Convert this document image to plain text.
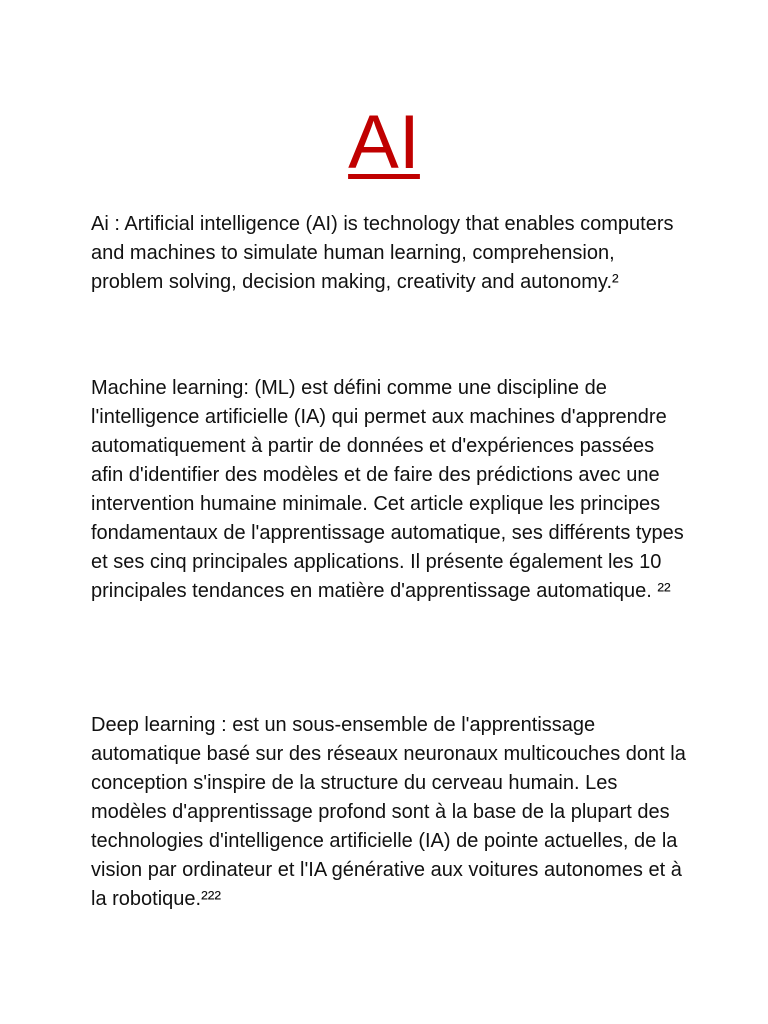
AI

Ai : Artificial intelligence (AI) is technology that enables computers and machines to simulate human learning, comprehension, problem solving, decision making, creativity and autonomy.²

Machine learning: (ML) est défini comme une discipline de l'intelligence artificielle (IA) qui permet aux machines d'apprendre automatiquement à partir de données et d'expériences passées afin d'identifier des modèles et de faire des prédictions avec une intervention humaine minimale. Cet article explique les principes fondamentaux de l'apprentissage automatique, ses différents types et ses cinq principales applications. Il présente également les 10 principales tendances en matière d'apprentissage automatique. ²²

Deep learning : est un sous-ensemble de l'apprentissage automatique basé sur des réseaux neuronaux multicouches dont la conception s'inspire de la structure du cerveau humain. Les modèles d'apprentissage profond sont à la base de la plupart des technologies d'intelligence artificielle (IA) de pointe actuelles, de la vision par ordinateur et l'IA générative aux voitures autonomes et à la robotique.²²²
